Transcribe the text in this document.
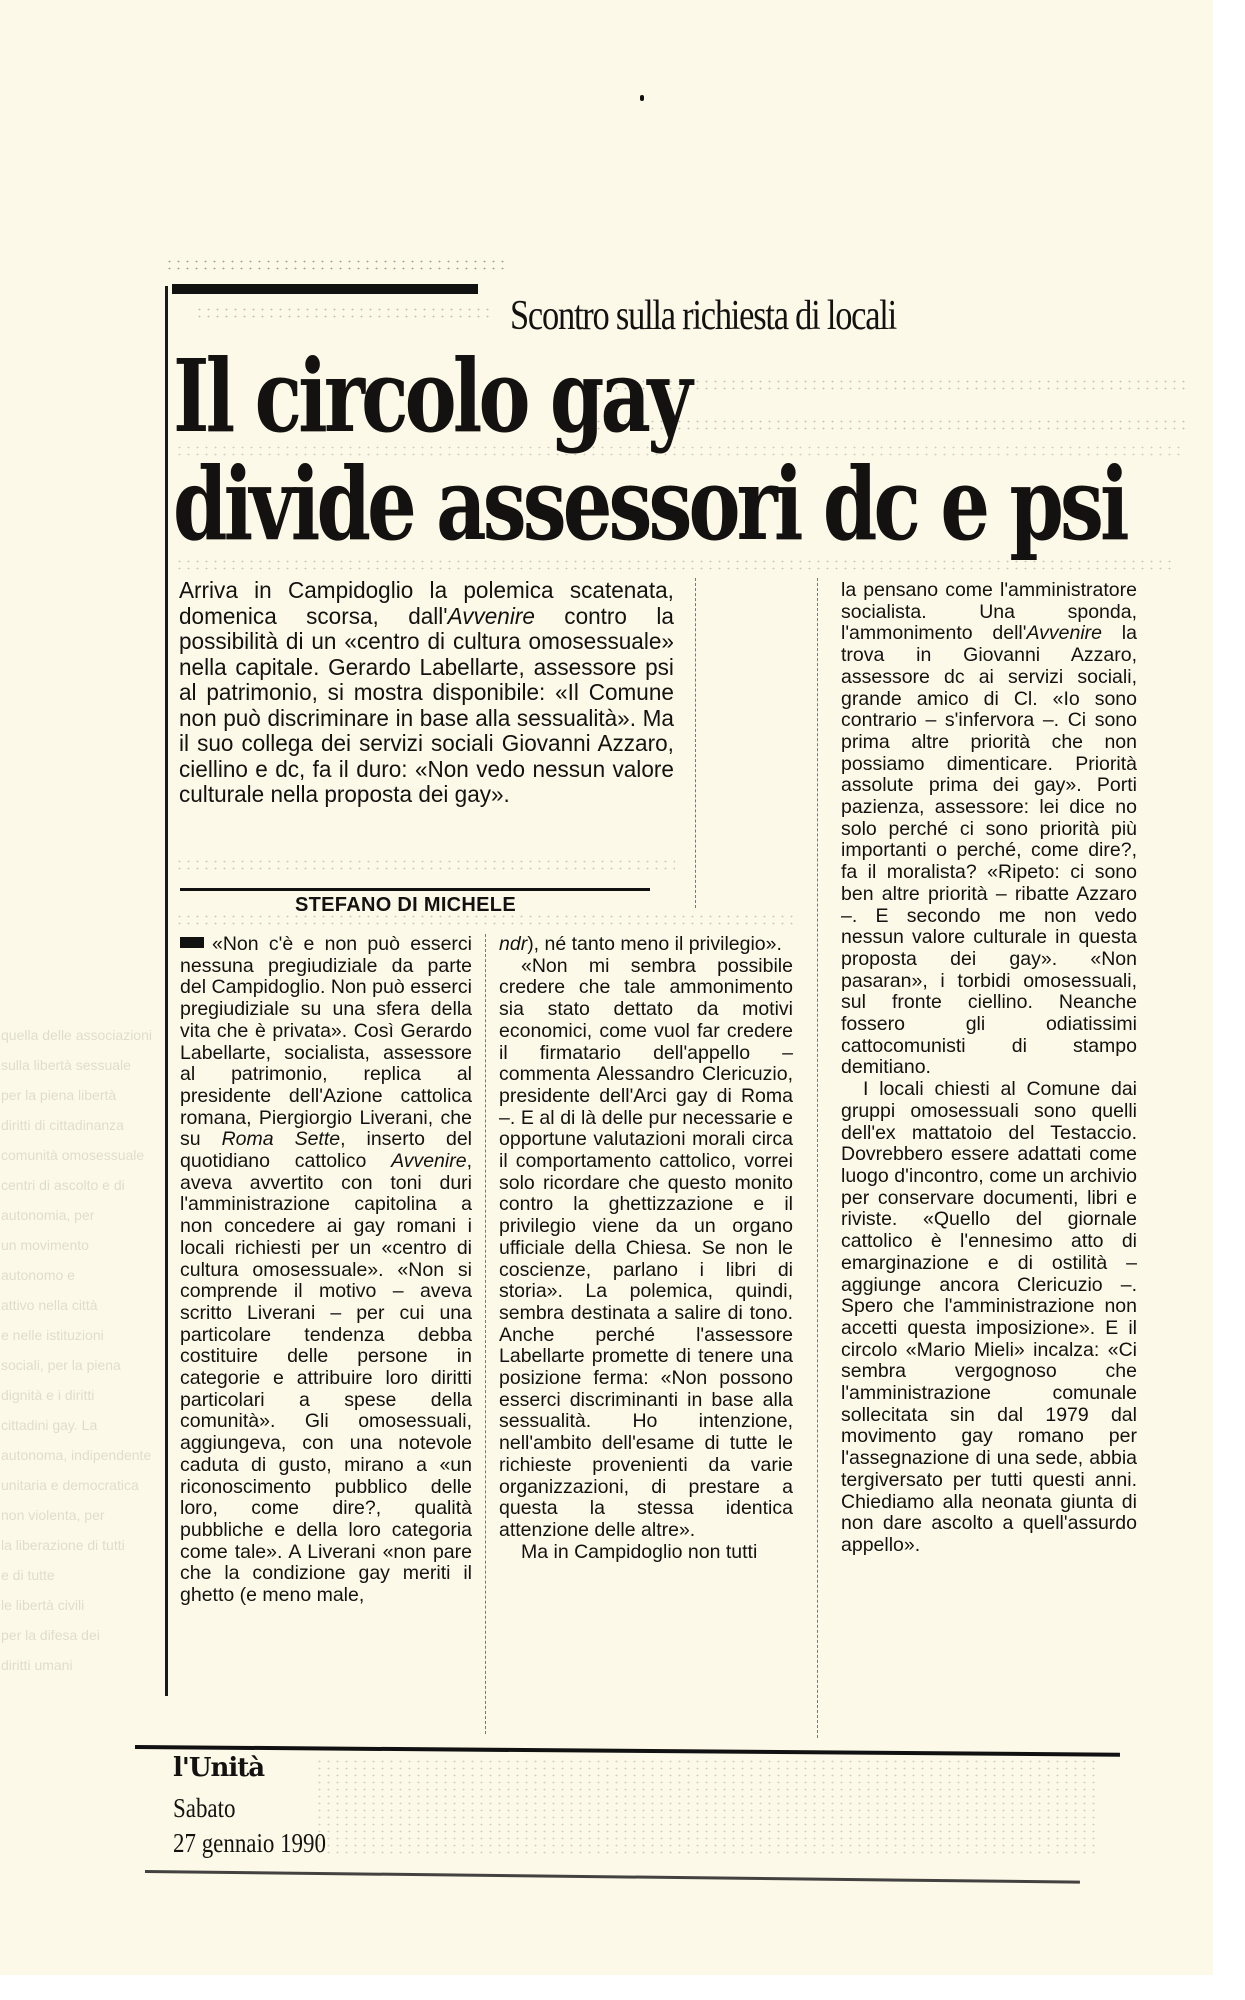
quella delle associazioni
sulla libertà sessuale
per la piena libertà
diritti di cittadinanza
comunità omosessuale
centri di ascolto e di
autonomia, per
un movimento
autonomo e
attivo nella città
e nelle istituzioni
sociali, per la piena
dignità e i diritti
cittadini gay. La
autonoma, indipendente
unitaria e democratica
non violenta, per
la liberazione di tutti
e di tutte
le libertà civili
per la difesa dei
diritti umani
Scontro sulla richiesta di locali
Il circolo gay
divide assessori dc e psi
Arriva in Campidoglio la polemica scatenata, domenica scorsa, dall'Avvenire contro la possibilità di un «centro di cultura omosessuale» nella capitale. Gerardo Labellarte, assessore psi al patrimonio, si mostra disponibile: «Il Comune non può discriminare in base alla sessualità». Ma il suo collega dei servizi sociali Giovanni Azzaro, ciellino e dc, fa il duro: «Non vedo nessun valore culturale nella proposta dei gay».
STEFANO DI MICHELE

«Non c'è e non può esserci nessuna pregiudiziale da parte del Campidoglio. Non può esserci pregiudiziale su una sfera della vita che è privata». Così Gerardo Labellarte, socialista, assessore al patrimonio, replica al presidente dell'Azione cattolica romana, Piergiorgio Liverani, che su Roma Sette, inserto del quotidiano cattolico Avvenire, aveva avvertito con toni duri l'amministrazione capitolina a non concedere ai gay romani i locali richiesti per un «centro di cultura omosessuale». «Non si comprende il motivo – aveva scritto Liverani – per cui una particolare tendenza debba costituire delle persone in categorie e attribuire loro diritti particolari a spese della comunità». Gli omosessuali, aggiungeva, con una notevole caduta di gusto, mirano a «un riconoscimento pubblico delle loro, come dire?, qualità pubbliche e della loro categoria come tale». A Liverani «non pare che la condizione gay meriti il ghetto (e meno male,

ndr), né tanto meno il privilegio».

«Non mi sembra possibile credere che tale ammonimento sia stato dettato da motivi economici, come vuol far credere il firmatario dell'appello – commenta Alessandro Clericuzio, presidente dell'Arci gay di Roma –. E al di là delle pur necessarie e opportune valutazioni morali circa il comportamento cattolico, vorrei solo ricordare che questo monito contro la ghettizzazione e il privilegio viene da un organo ufficiale della Chiesa. Se non le coscienze, parlano i libri di storia». La polemica, quindi, sembra destinata a salire di tono. Anche perché l'assessore Labellarte promette di tenere una posizione ferma: «Non possono esserci discriminanti in base alla sessualità. Ho intenzione, nell'ambito dell'esame di tutte le richieste provenienti da varie organizzazioni, di prestare a questa la stessa identica attenzione delle altre».

Ma in Campidoglio non tutti

la pensano come l'amministratore socialista. Una sponda, l'ammonimento dell'Avvenire la trova in Giovanni Azzaro, assessore dc ai servizi sociali, grande amico di Cl. «Io sono contrario – s'infervora –. Ci sono prima altre priorità che non possiamo dimenticare. Priorità assolute prima dei gay». Porti pazienza, assessore: lei dice no solo perché ci sono priorità più importanti o perché, come dire?, fa il moralista? «Ripeto: ci sono ben altre priorità – ribatte Azzaro –. E secondo me non vedo nessun valore culturale in questa proposta dei gay». «Non pasaran», i torbidi omosessuali, sul fronte ciellino. Neanche fossero gli odiatissimi cattocomunisti di stampo demitiano.

I locali chiesti al Comune dai gruppi omosessuali sono quelli dell'ex mattatoio del Testaccio. Dovrebbero essere adattati come luogo d'incontro, come un archivio per conservare documenti, libri e riviste. «Quello del giornale cattolico è l'ennesimo atto di emarginazione e di ostilità – aggiunge ancora Clericuzio –. Spero che l'amministrazione non accetti questa imposizione». E il circolo «Mario Mieli» incalza: «Ci sembra vergognoso che l'amministrazione comunale sollecitata sin dal 1979 dal movimento gay romano per l'assegnazione di una sede, abbia tergiversato per tutti questi anni. Chiediamo alla neonata giunta di non dare ascolto a quell'assurdo appello».

l'Unità
Sabato
27 gennaio 1990
